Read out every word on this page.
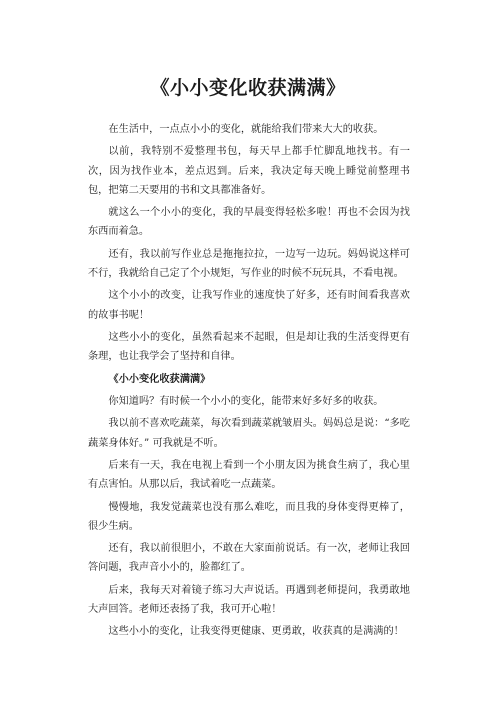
《小小变化收获满满》

在生活中，一点点小小的变化，就能给我们带来大大的收获。

以前，我特别不爱整理书包，每天早上都手忙脚乱地找书。有一次，因为找作业本，差点迟到。后来，我决定每天晚上睡觉前整理书包，把第二天要用的书和文具都准备好。

就这么一个小小的变化，我的早晨变得轻松多啦！再也不会因为找东西而着急。

还有，我以前写作业总是拖拖拉拉，一边写一边玩。妈妈说这样可不行，我就给自己定了个小规矩，写作业的时候不玩玩具，不看电视。

这个小小的改变，让我写作业的速度快了好多，还有时间看我喜欢的故事书呢！

这些小小的变化，虽然看起来不起眼，但是却让我的生活变得更有条理，也让我学会了坚持和自律。

《小小变化收获满满》

你知道吗？有时候一个小小的变化，能带来好多好多的收获。

我以前不喜欢吃蔬菜，每次看到蔬菜就皱眉头。妈妈总是说：“多吃蔬菜身体好。” 可我就是不听。

后来有一天，我在电视上看到一个小朋友因为挑食生病了，我心里有点害怕。从那以后，我试着吃一点蔬菜。

慢慢地，我发觉蔬菜也没有那么难吃，而且我的身体变得更棒了，很少生病。

还有，我以前很胆小，不敢在大家面前说话。有一次，老师让我回答问题，我声音小小的，脸都红了。

后来，我每天对着镜子练习大声说话。再遇到老师提问，我勇敢地大声回答。老师还表扬了我，我可开心啦！

这些小小的变化，让我变得更健康、更勇敢，收获真的是满满的！
